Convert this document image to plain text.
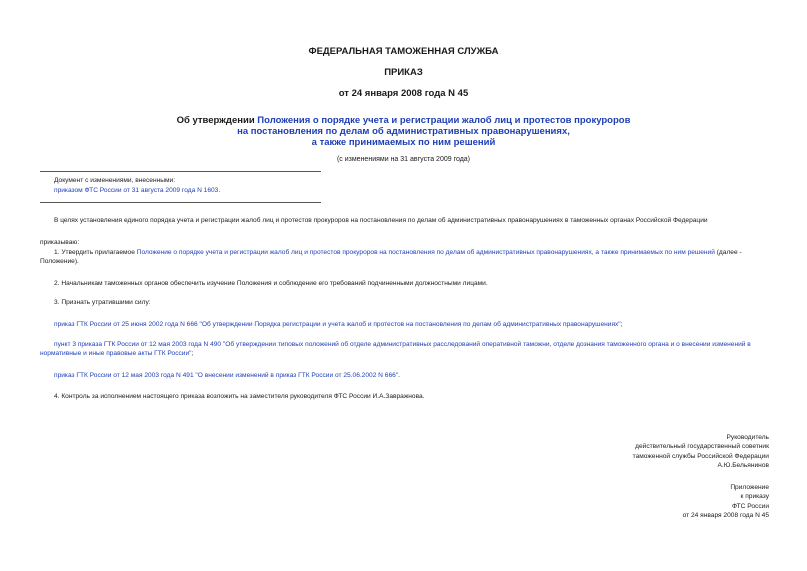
ФЕДЕРАЛЬНАЯ ТАМОЖЕННАЯ СЛУЖБА
ПРИКАЗ
от 24 января 2008 года N 45
Об утверждении Положения о порядке учета и регистрации жалоб лиц и протестов прокуроров
на постановления по делам об административных правонарушениях,
а также принимаемых по ним решений
(с изменениями на 31 августа 2009 года)
Документ с изменениями, внесенными:
приказом ФТС России от 31 августа 2009 года N 1603.
В целях установления единого порядка учета и регистрации жалоб лиц и протестов прокуроров на постановления по делам об административных правонарушениях в таможенных органах Российской Федерации
приказываю:
1. Утвердить прилагаемое Положение о порядке учета и регистрации жалоб лиц и протестов прокуроров на постановления по делам об административных правонарушениях, а также принимаемых по ним решений (далее - Положение).
2. Начальникам таможенных органов обеспечить изучение Положения и соблюдение его требований подчиненными должностными лицами.
3. Признать утратившими силу:
приказ ГТК России от 25 июня 2002 года N 666 "Об утверждении Порядка регистрации и учета жалоб и протестов на постановления по делам об административных правонарушениях";
пункт 3 приказа ГТК России от 12 мая 2003 года N 490 "Об утверждении типовых положений об отделе административных расследований оперативной таможни, отделе дознания таможенного органа и о внесении изменений в нормативные и иные правовые акты ГТК России";
приказ ГТК России от 12 мая 2003 года N 491 "О внесении изменений в приказ ГТК России от 25.06.2002 N 666".
4. Контроль за исполнением настоящего приказа возложить на заместителя руководителя ФТС России И.А.Завражнова.
Руководитель
действительный государственный советник
таможенной службы Российской Федерации
А.Ю.Бельянинов
Приложение
к приказу
ФТС России
от 24 января 2008 года N 45
